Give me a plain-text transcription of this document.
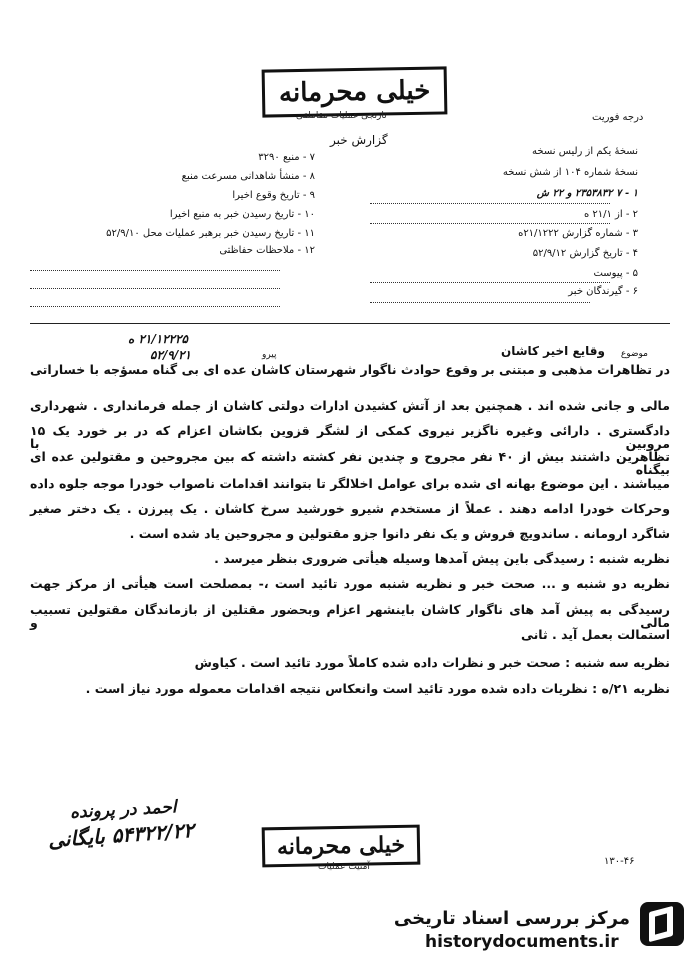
خیلی محرمانه
نارنجی عملیات مقاملقی	درجه فوریت
گزارش خبر
نسخهٔ یکم از رلیس نسخه
نسخهٔ شماره ۱۰۴ از شش نسخه
۱ - ۷ ۲۳۵۳۸۳۲ و ۲۲ ش
۲ - از ۲۱/۱ ه
۳ - شماره گزارش ۲۱/۱۲۲۲ه
۴ - تاریخ گزارش ۵۲/۹/۱۲
۵ - پیوست
۶ - گیرندگان خبر
۷ - منبع ۳۲۹۰
۸ - منشأ شاهدانی مسرعت منبع
۹ - تاریخ وقوع اخیرا
۱۰ - تاریخ رسیدن خبر به منبع اخیرا
۱۱ - تاریخ رسیدن خبر برهبر عملیات محل ۵۲/۹/۱۰
۱۲ - ملاحظات حفاظتی
۲۱/۱۲۲۲۵ ه
۵۲/۹/۲۱	پیرو	موضوع
وقایع اخیر کاشان
در تظاهرات مذهبی و مبتنی بر وقوع حوادث ناگوار شهرستان کاشان عده ای بی گناه مسؤجه با خساراتی
مالی و جانی شده اند . همچنین بعد از آتش کشیدن ادارات دولتی کاشان از جمله فرمانداری . شهرداری
دادگستری . دارائی وغیره ناگزیر نیروی کمکی از لشگر قزوین بکاشان اعزام که در بر خورد یک ۱۵ مروبین با
تظاهرین داشتند بیش از ۴۰ نفر مجروح و چندین نفر کشته داشته که بین مجروحین و مقتولین عده ای بیگناه
میباشند . این موضوع بهانه ای شده برای عوامل اخلالگر تا بتوانند اقدامات ناصواب خودرا موجه جلوه داده
وحرکات خودرا ادامه دهند . عملاً از مستخدم شیرو خورشید سرخ کاشان . یک پیرزن . یک دختر صغیر
شاگرد ارومانه . ساندویچ فروش و یک نفر دانوا جزو مقتولین و مجروحین یاد شده است .
نظریه شنبه : رسیدگی باین پیش آمدها وسیله هیأتی ضروری بنظر میرسد .
نظریه دو شنبه و ... صحت خبر و نظریه شنبه مورد تائید است ،- بمصلحت است هیأتی از مرکز جهت
رسیدگی به پیش آمد های ناگوار کاشان باینشهر اعزام وبحضور مقتلین از بازماندگان مقتولین تسبیب مالی و
استمالت بعمل آید . ثانی
نظریه سه شنبه : صحت خبر و نظرات داده شده کاملاً مورد تائید است . کیاوش
نظریه ۲۱/ه : نظریات داده شده مورد تائید است وانعکاس نتیجه اقدامات معموله مورد نیاز است .
احمد در پرونده
۵۴۳۲۲/۲۲ بایگانی	خیلی محرمانه
آمنیت عملیات	۱۳۰-۴۶
مرکز بررسی اسناد تاریخی
historydocuments.ir
